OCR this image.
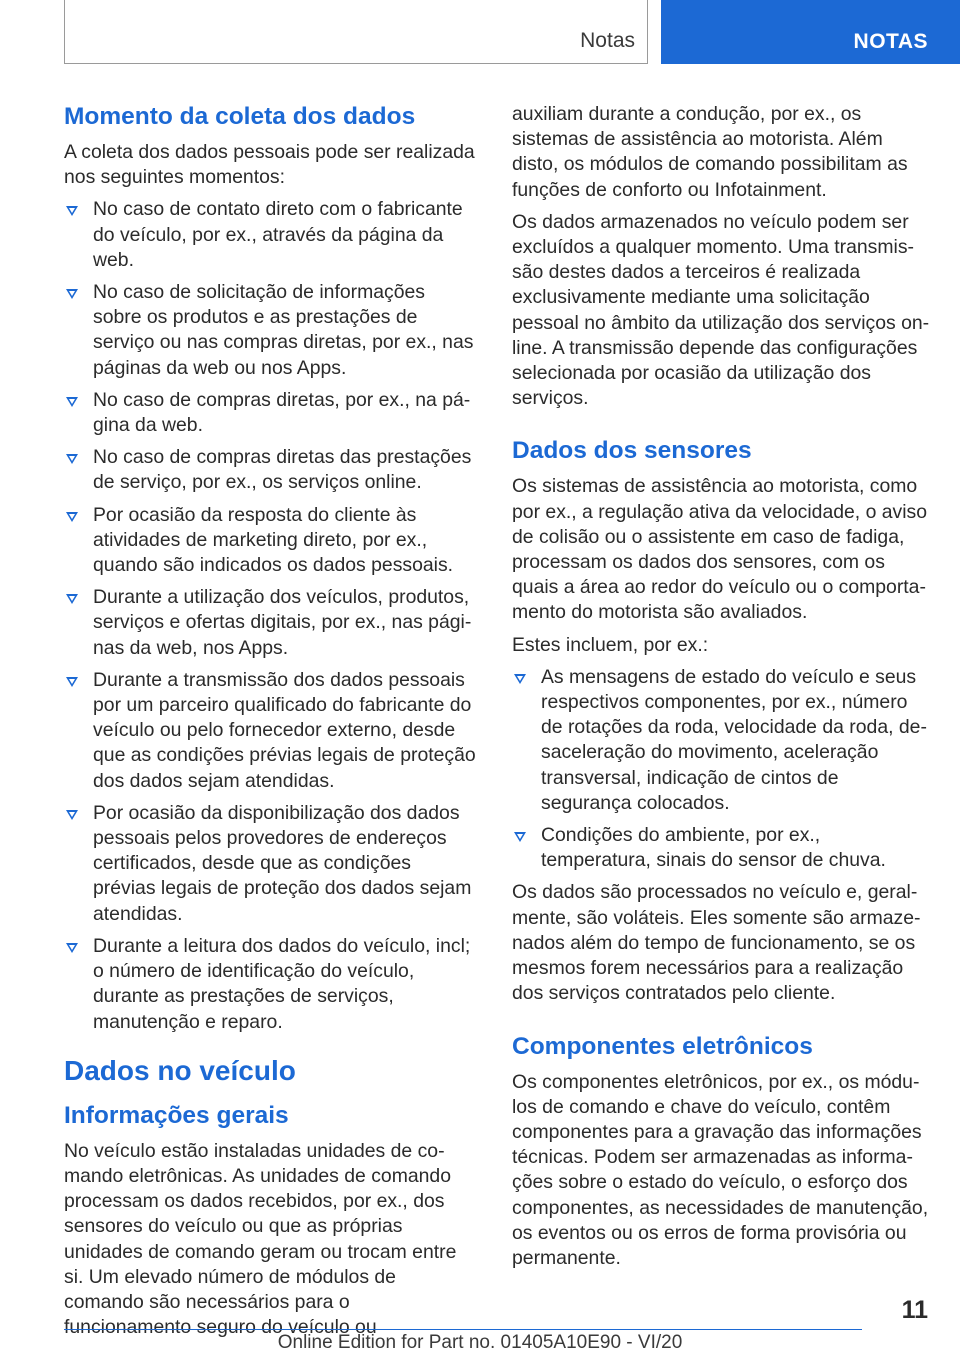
Notas	NOTAS
Momento da coleta dos dados

A coleta dos dados pessoais pode ser realizada nos seguintes momentos:

No caso de contato direto com o fabricante do veículo, por ex., através da página da web.
No caso de solicitação de informações sobre os produtos e as prestações de serviço ou nas compras diretas, por ex., nas páginas da web ou nos Apps.
No caso de compras diretas, por ex., na página da web.
No caso de compras diretas das prestações de serviço, por ex., os serviços online.
Por ocasião da resposta do cliente às atividades de marketing direto, por ex., quando são indicados os dados pessoais.
Durante a utilização dos veículos, produtos, serviços e ofertas digitais, por ex., nas páginas da web, nos Apps.
Durante a transmissão dos dados pessoais por um parceiro qualificado do fabricante do veículo ou pelo fornecedor externo, desde que as condições prévias legais de proteção dos dados sejam atendidas.
Por ocasião da disponibilização dos dados pessoais pelos provedores de endereços certificados, desde que as condições prévias legais de proteção dos dados sejam atendidas.
Durante a leitura dos dados do veículo, incl; o número de identificação do veículo, durante as prestações de serviços, manutenção e reparo.
Dados no veículo
Informações gerais

No veículo estão instaladas unidades de comando eletrônicas. As unidades de comando processam os dados recebidos, por ex., dos sensores do veículo ou que as próprias unidades de comando geram ou trocam entre si. Um elevado número de módulos de comando são necessários para o funcionamento seguro do veículo ou

auxiliam durante a condução, por ex., os sistemas de assistência ao motorista. Além disto, os módulos de comando possibilitam as funções de conforto ou Infotainment.

Os dados armazenados no veículo podem ser excluídos a qualquer momento. Uma transmissão destes dados a terceiros é realizada exclusivamente mediante uma solicitação pessoal no âmbito da utilização dos serviços on-line. A transmissão depende das configurações selecionada por ocasião da utilização dos serviços.

Dados dos sensores

Os sistemas de assistência ao motorista, como por ex., a regulação ativa da velocidade, o aviso de colisão ou o assistente em caso de fadiga, processam os dados dos sensores, com os quais a área ao redor do veículo ou o comportamento do motorista são avaliados.

Estes incluem, por ex.:

As mensagens de estado do veículo e seus respectivos componentes, por ex., número de rotações da roda, velocidade da roda, desaceleração do movimento, aceleração transversal, indicação de cintos de segurança colocados.
Condições do ambiente, por ex., temperatura, sinais do sensor de chuva.

Os dados são processados no veículo e, geralmente, são voláteis. Eles somente são armazenados além do tempo de funcionamento, se os mesmos forem necessários para a realização dos serviços contratados pelo cliente.

Componentes eletrônicos

Os componentes eletrônicos, por ex., os módulos de comando e chave do veículo, contêm componentes para a gravação das informações técnicas. Podem ser armazenadas as informações sobre o estado do veículo, o esforço dos componentes, as necessidades de manutenção, os eventos ou os erros de forma provisória ou permanente.

11
Online Edition for Part no. 01405A10E90 - VI/20
